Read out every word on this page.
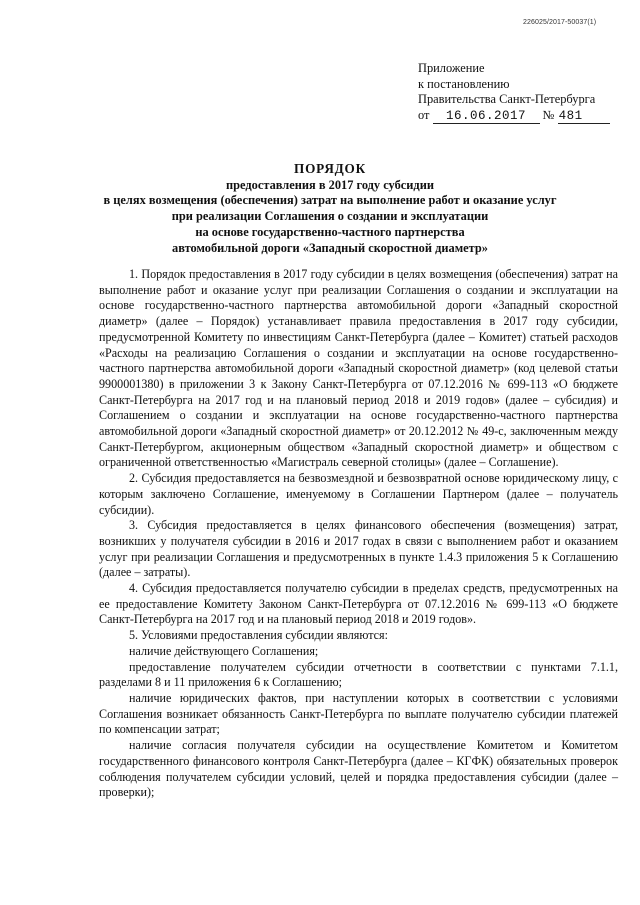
226025/2017-50037(1)
Приложение
к постановлению
Правительства Санкт-Петербурга
от 16.06.2017 № 481
ПОРЯДОК
предоставления в 2017 году субсидии
в целях возмещения (обеспечения) затрат на выполнение работ и оказание услуг
при реализации Соглашения о создании и эксплуатации
на основе государственно-частного партнерства
автомобильной дороги «Западный скоростной диаметр»

1. Порядок предоставления в 2017 году субсидии в целях возмещения (обеспечения) затрат на выполнение работ и оказание услуг при реализации Соглашения о создании и эксплуатации на основе государственно-частного партнерства автомобильной дороги «Западный скоростной диаметр» (далее – Порядок) устанавливает правила предоставления в 2017 году субсидии, предусмотренной Комитету по инвестициям Санкт-Петербурга (далее – Комитет) статьей расходов «Расходы на реализацию Соглашения о создании и эксплуатации на основе государственно-частного партнерства автомобильной дороги «Западный скоростной диаметр» (код целевой статьи 9900001380) в приложении 3 к Закону Санкт-Петербурга от 07.12.2016 № 699-113 «О бюджете Санкт-Петербурга на 2017 год и на плановый период 2018 и 2019 годов» (далее – субсидия) и Соглашением о создании и эксплуатации на основе государственно-частного партнерства автомобильной дороги «Западный скоростной диаметр» от 20.12.2012 № 49-с, заключенным между Санкт-Петербургом, акционерным обществом «Западный скоростной диаметр» и обществом с ограниченной ответственностью «Магистраль северной столицы» (далее – Соглашение).

2. Субсидия предоставляется на безвозмездной и безвозвратной основе юридическому лицу, с которым заключено Соглашение, именуемому в Соглашении Партнером (далее – получатель субсидии).

3. Субсидия предоставляется в целях финансового обеспечения (возмещения) затрат, возникших у получателя субсидии в 2016 и 2017 годах в связи с выполнением работ и оказанием услуг при реализации Соглашения и предусмотренных в пункте 1.4.3 приложения 5 к Соглашению (далее – затраты).

4. Субсидия предоставляется получателю субсидии в пределах средств, предусмотренных на ее предоставление Комитету Законом Санкт-Петербурга от 07.12.2016 № 699-113 «О бюджете Санкт-Петербурга на 2017 год и на плановый период 2018 и 2019 годов».

5. Условиями предоставления субсидии являются:

наличие действующего Соглашения;

предоставление получателем субсидии отчетности в соответствии с пунктами 7.1.1, разделами 8 и 11 приложения 6 к Соглашению;

наличие юридических фактов, при наступлении которых в соответствии с условиями Соглашения возникает обязанность Санкт-Петербурга по выплате получателю субсидии платежей по компенсации затрат;

наличие согласия получателя субсидии на осуществление Комитетом и Комитетом государственного финансового контроля Санкт-Петербурга (далее – КГФК) обязательных проверок соблюдения получателем субсидии условий, целей и порядка предоставления субсидии (далее – проверки);
